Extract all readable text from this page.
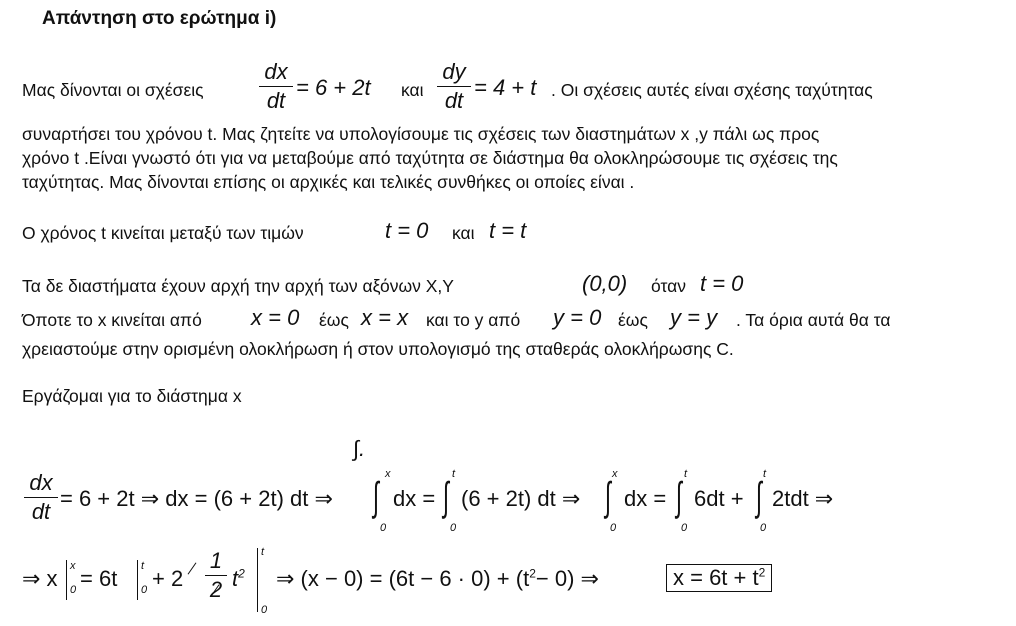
Απάντηση στο ερώτημα i)
Μας δίνονται οι σχέσεις
dx
dt
= 6 + 2t και
dy
dt
= 4 + t . Οι σχέσεις αυτές είναι σχέσης ταχύτητας
συναρτήσει του χρόνου t. Μας ζητείτε να υπολογίσουμε τις σχέσεις των διαστημάτων x ,y πάλι ως προς
χρόνο t .Είναι γνωστό ότι για να μεταβούμε από ταχύτητα σε διάστημα θα ολοκληρώσουμε τις σχέσεις της
ταχύτητας. Μας δίνονται επίσης οι αρχικές και τελικές συνθήκες οι οποίες είναι .
Ο χρόνος t κινείται μεταξύ των τιμών	t = 0 και t = t
Τα δε διαστήματα έχουν αρχή την αρχή των αξόνων X,Y	(0,0) όταν t = 0
Όποτε το x κινείται από x = 0 έως x = x και το y από y = 0 έως y = y . Τα όρια αυτά θα τα
χρειαστούμε στην ορισμένη ολοκλήρωση ή στον υπολογισμό της σταθεράς ολοκλήρωσης C.
Εργάζομαι για το διάστημα x
dx
dt
= 6 + 2t ⇒ dx = (6 + 2t) dt ⇒
∫.
∫
x
0
dx = ∫
t
0
(6 + 2t) dt ⇒ ∫
x
0
dx = ∫
t
0
6dt + ∫
t
0
2tdt ⇒
⇒ x x
0 = 6t t
0 + 2
1
2 $t^2$
t
0
⇒ $(x - 0) = (6t - 6 \cdot 0) + (t^2- 0)$ ⇒	$x = 6t + t^2$
